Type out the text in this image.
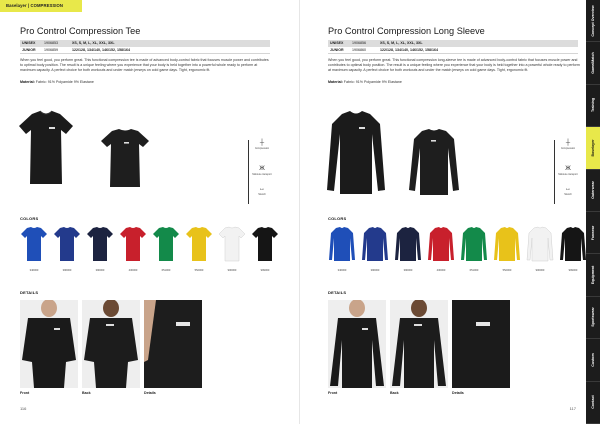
Baselayer | COMPRESSION
Pro Control Compression Tee
UNISEX	1906853	XS, S, M, L, XL, XXL, 3XL
JUNIOR	1906859	122/128, 134/140, 146/152, 158/164
When you feel good, you perform great. This functional compression tee is made of advanced body-control fabric that focuses muscle power and contributes to optimal body position. The result is a unique feeling where you experience that your body is held together into a powerful whole ready to perform at maximum capacity. A perfect choice for both workouts and under match jerseys on cold game days. Tight, ergonomic fit.
Material: Fabric: 91% Polyamide 9% Elastane
┼
Compression
Ж
Moisture transport
↔
Stretch
COLORS
346000	396000	390000	430000	651000	552000	900000	999000
DETAILS
Front	Back	Details
116
Pro Control Compression Long Sleeve
UNISEX	1906856	XS, S, M, L, XL, XXL, 3XL
JUNIOR	1906860	122/128, 134/140, 146/152, 158/164
When you feel good, you perform great. This functional compression long-sleeve tee is made of advanced body-control fabric that focuses muscle power and contributes to optimal body position. The result is a unique feeling where you experience that your body is held together into a powerful whole ready to perform at maximum capacity. A perfect choice for both workouts and under the match jerseys on cold game days. Tight, ergonomic fit.
Material: Fabric: 91% Polyamide 9% Elastane
┼
Compression
Ж
Moisture transport
↔
Stretch
COLORS
346000	396000	390000	430000	651000	552000	900000	999000
DETAILS
Front	Back	Details
117
Concept Overview
Game/Match
Training
Baselayer
Outerwear
Fanwear
Equipment
Sportswear
Custom
Contact
